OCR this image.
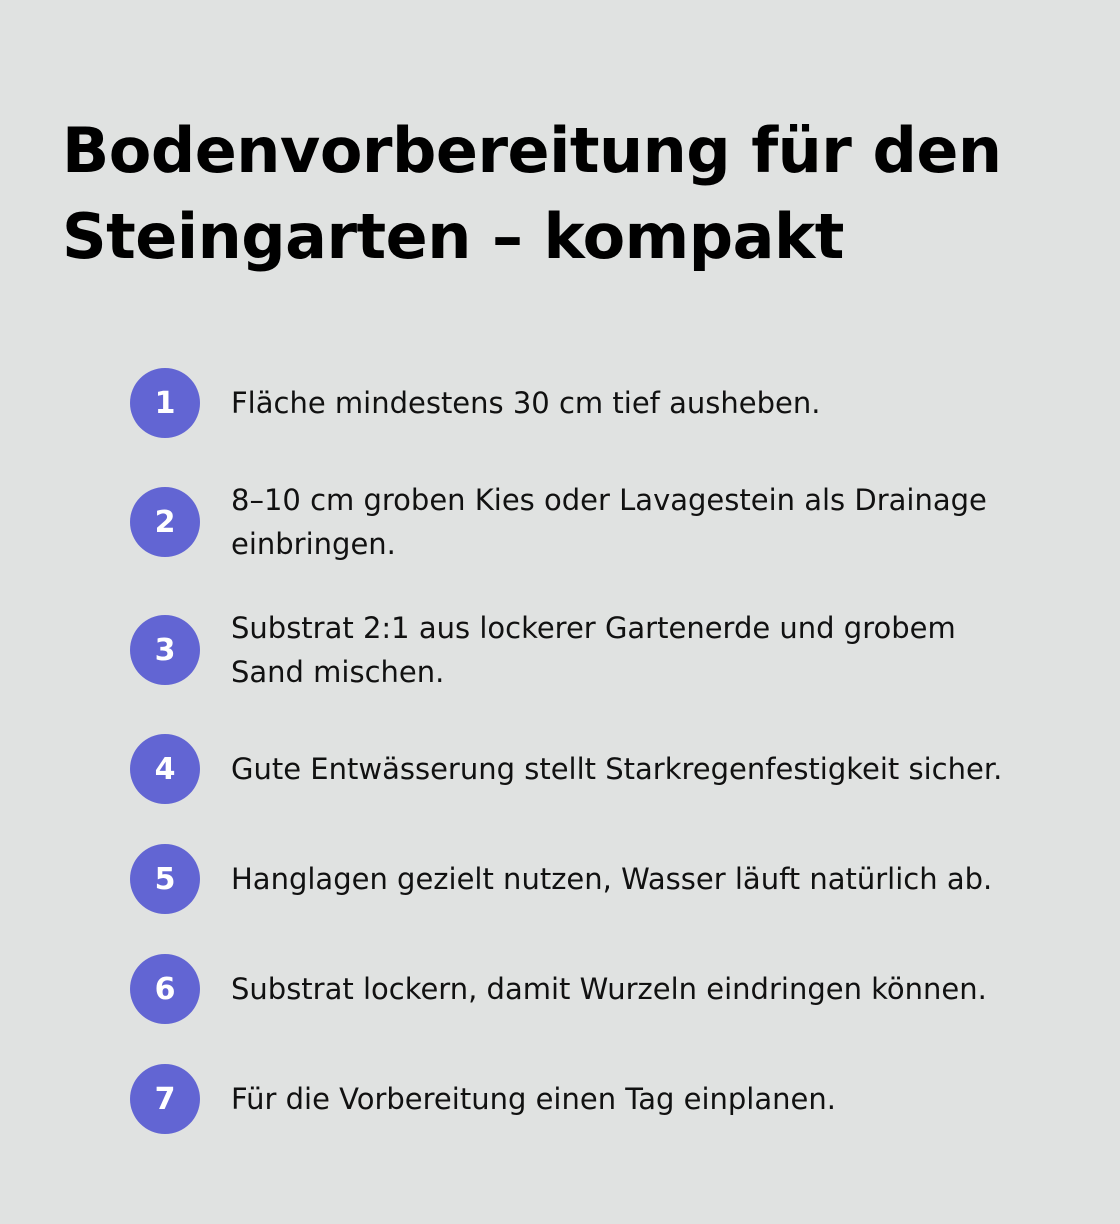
Bodenvorbereitung für den Steingarten – kompakt
1	Fläche mindestens 30 cm tief ausheben.
2
8–10 cm groben Kies oder Lavagestein als Drainage einbringen.
3
Substrat 2:1 aus lockerer Gartenerde und grobem Sand mischen.
4	Gute Entwässerung stellt Starkregenfestigkeit sicher.
5	Hanglagen gezielt nutzen, Wasser läuft natürlich ab.
6	Substrat lockern, damit Wurzeln eindringen können.
7	Für die Vorbereitung einen Tag einplanen.
